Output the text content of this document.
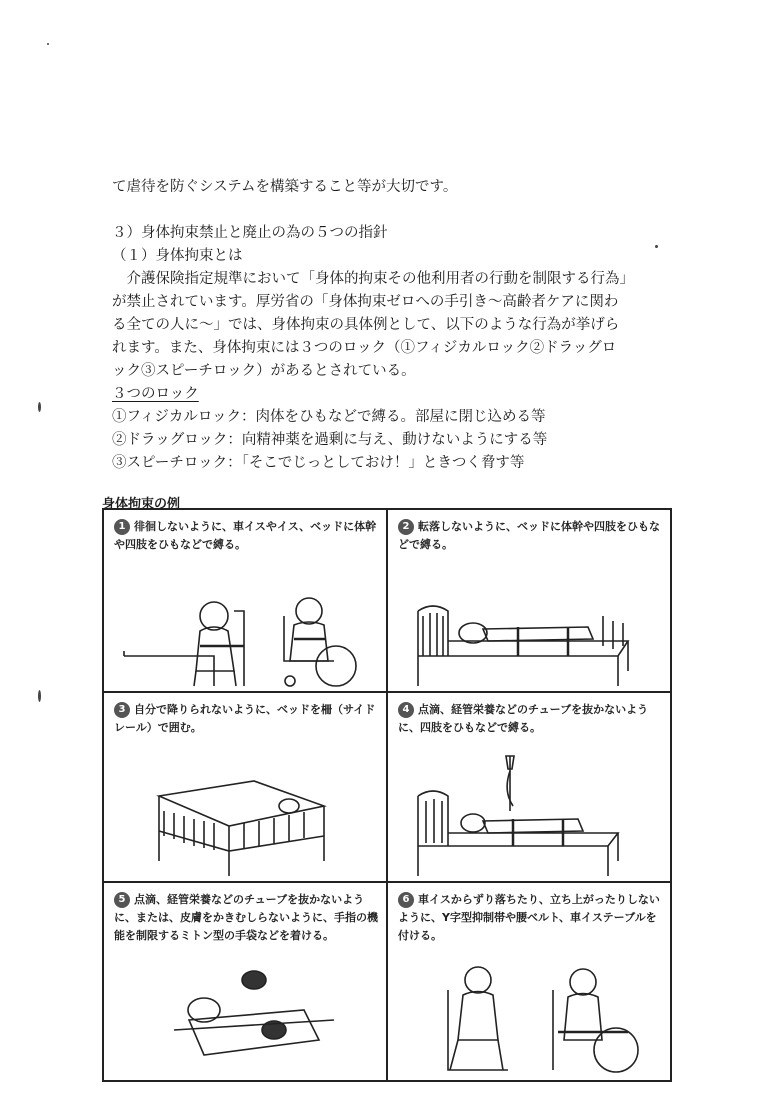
て虐待を防ぐシステムを構築すること等が大切です。
３）身体拘束禁止と廃止の為の５つの指針
（１）身体拘束とは
　介護保険指定規準において「身体的拘束その他利用者の行動を制限する行為」
が禁止されています。厚労省の「身体拘束ゼロへの手引き～高齢者ケアに関わ
る全ての人に～」では、身体拘束の具体例として、以下のような行為が挙げら
れます。また、身体拘束には３つのロック（①フィジカルロック②ドラッグロ
ック③スピーチロック）があるとされている。
３つのロック
①フィジカルロック：肉体をひもなどで縛る。部屋に閉じ込める等
②ドラッグロック：向精神薬を過剰に与え、動けないようにする等
③スピーチロック：「そこでじっとしておけ！」ときつく脅す等
身体拘束の例
1 徘徊しないように、車イスやイス、ベッドに体幹や四肢をひもなどで縛る。
2 転落しないように、ベッドに体幹や四肢をひもなどで縛る。
3 自分で降りられないように、ベッドを柵（サイドレール）で囲む。
4 点滴、経管栄養などのチューブを抜かないように、四肢をひもなどで縛る。
5 点滴、経管栄養などのチューブを抜かないように、または、皮膚をかきむしらないように、手指の機能を制限するミトン型の手袋などを着ける。
6 車イスからずり落ちたり、立ち上がったりしないように、Y字型抑制帯や腰ベルト、車イステーブルを付ける。
